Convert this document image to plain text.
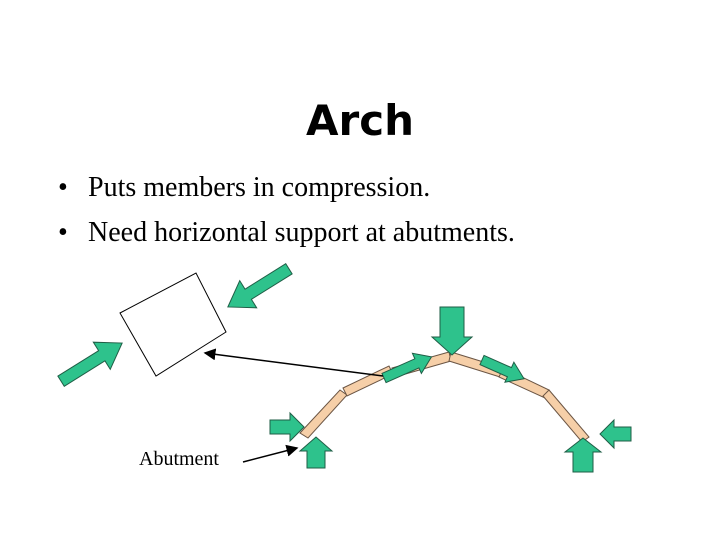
Arch
• Puts members in compression.
• Need horizontal support at abutments.
Abutment
